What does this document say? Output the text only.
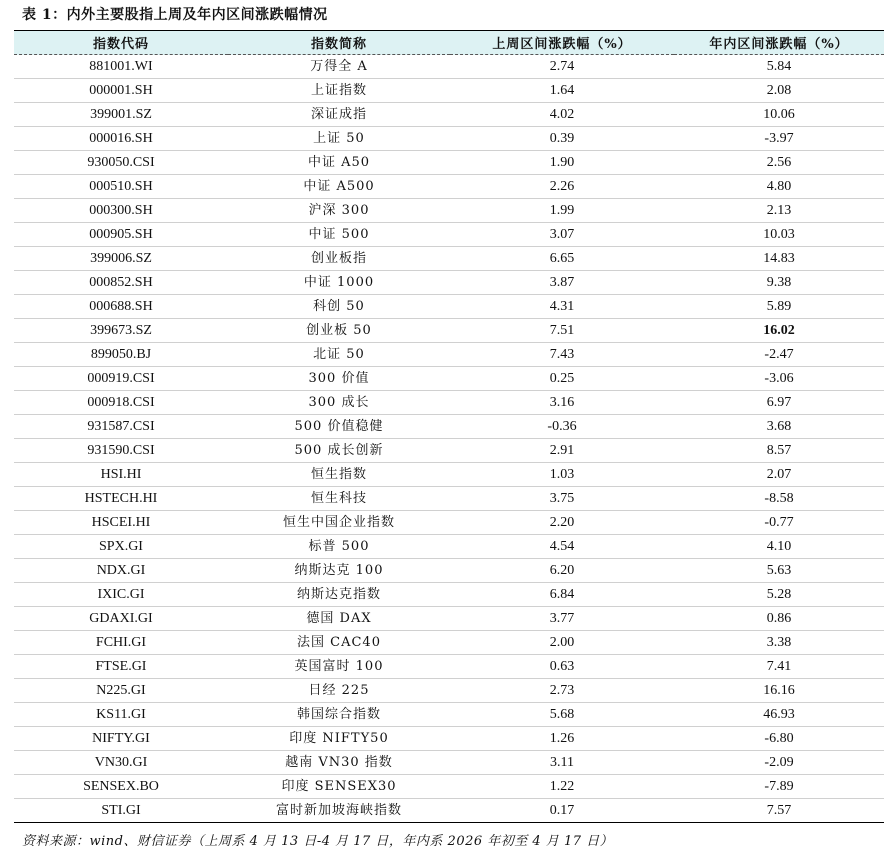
表 1：内外主要股指上周及年内区间涨跌幅情况
指数代码	指数简称	上周区间涨跌幅（%）	年内区间涨跌幅（%）
881001.WI	万得全 A	2.74	5.84
000001.SH	上证指数	1.64	2.08
399001.SZ	深证成指	4.02	10.06
000016.SH	上证 50	0.39	-3.97
930050.CSI	中证 A50	1.90	2.56
000510.SH	中证 A500	2.26	4.80
000300.SH	沪深 300	1.99	2.13
000905.SH	中证 500	3.07	10.03
399006.SZ	创业板指	6.65	14.83
000852.SH	中证 1000	3.87	9.38
000688.SH	科创 50	4.31	5.89
399673.SZ	创业板 50	7.51	16.02
899050.BJ	北证 50	7.43	-2.47
000919.CSI	300 价值	0.25	-3.06
000918.CSI	300 成长	3.16	6.97
931587.CSI	500 价值稳健	-0.36	3.68
931590.CSI	500 成长创新	2.91	8.57
HSI.HI	恒生指数	1.03	2.07
HSTECH.HI	恒生科技	3.75	-8.58
HSCEI.HI	恒生中国企业指数	2.20	-0.77
SPX.GI	标普 500	4.54	4.10
NDX.GI	纳斯达克 100	6.20	5.63
IXIC.GI	纳斯达克指数	6.84	5.28
GDAXI.GI	德国 DAX	3.77	0.86
FCHI.GI	法国 CAC40	2.00	3.38
FTSE.GI	英国富时 100	0.63	7.41
N225.GI	日经 225	2.73	16.16
KS11.GI	韩国综合指数	5.68	46.93
NIFTY.GI	印度 NIFTY50	1.26	-6.80
VN30.GI	越南 VN30 指数	3.11	-2.09
SENSEX.BO	印度 SENSEX30	1.22	-7.89
STI.GI	富时新加坡海峡指数	0.17	7.57
资料来源：wind、财信证券（上周系 4 月 13 日-4 月 17 日，年内系 2026 年初至 4 月 17 日）
